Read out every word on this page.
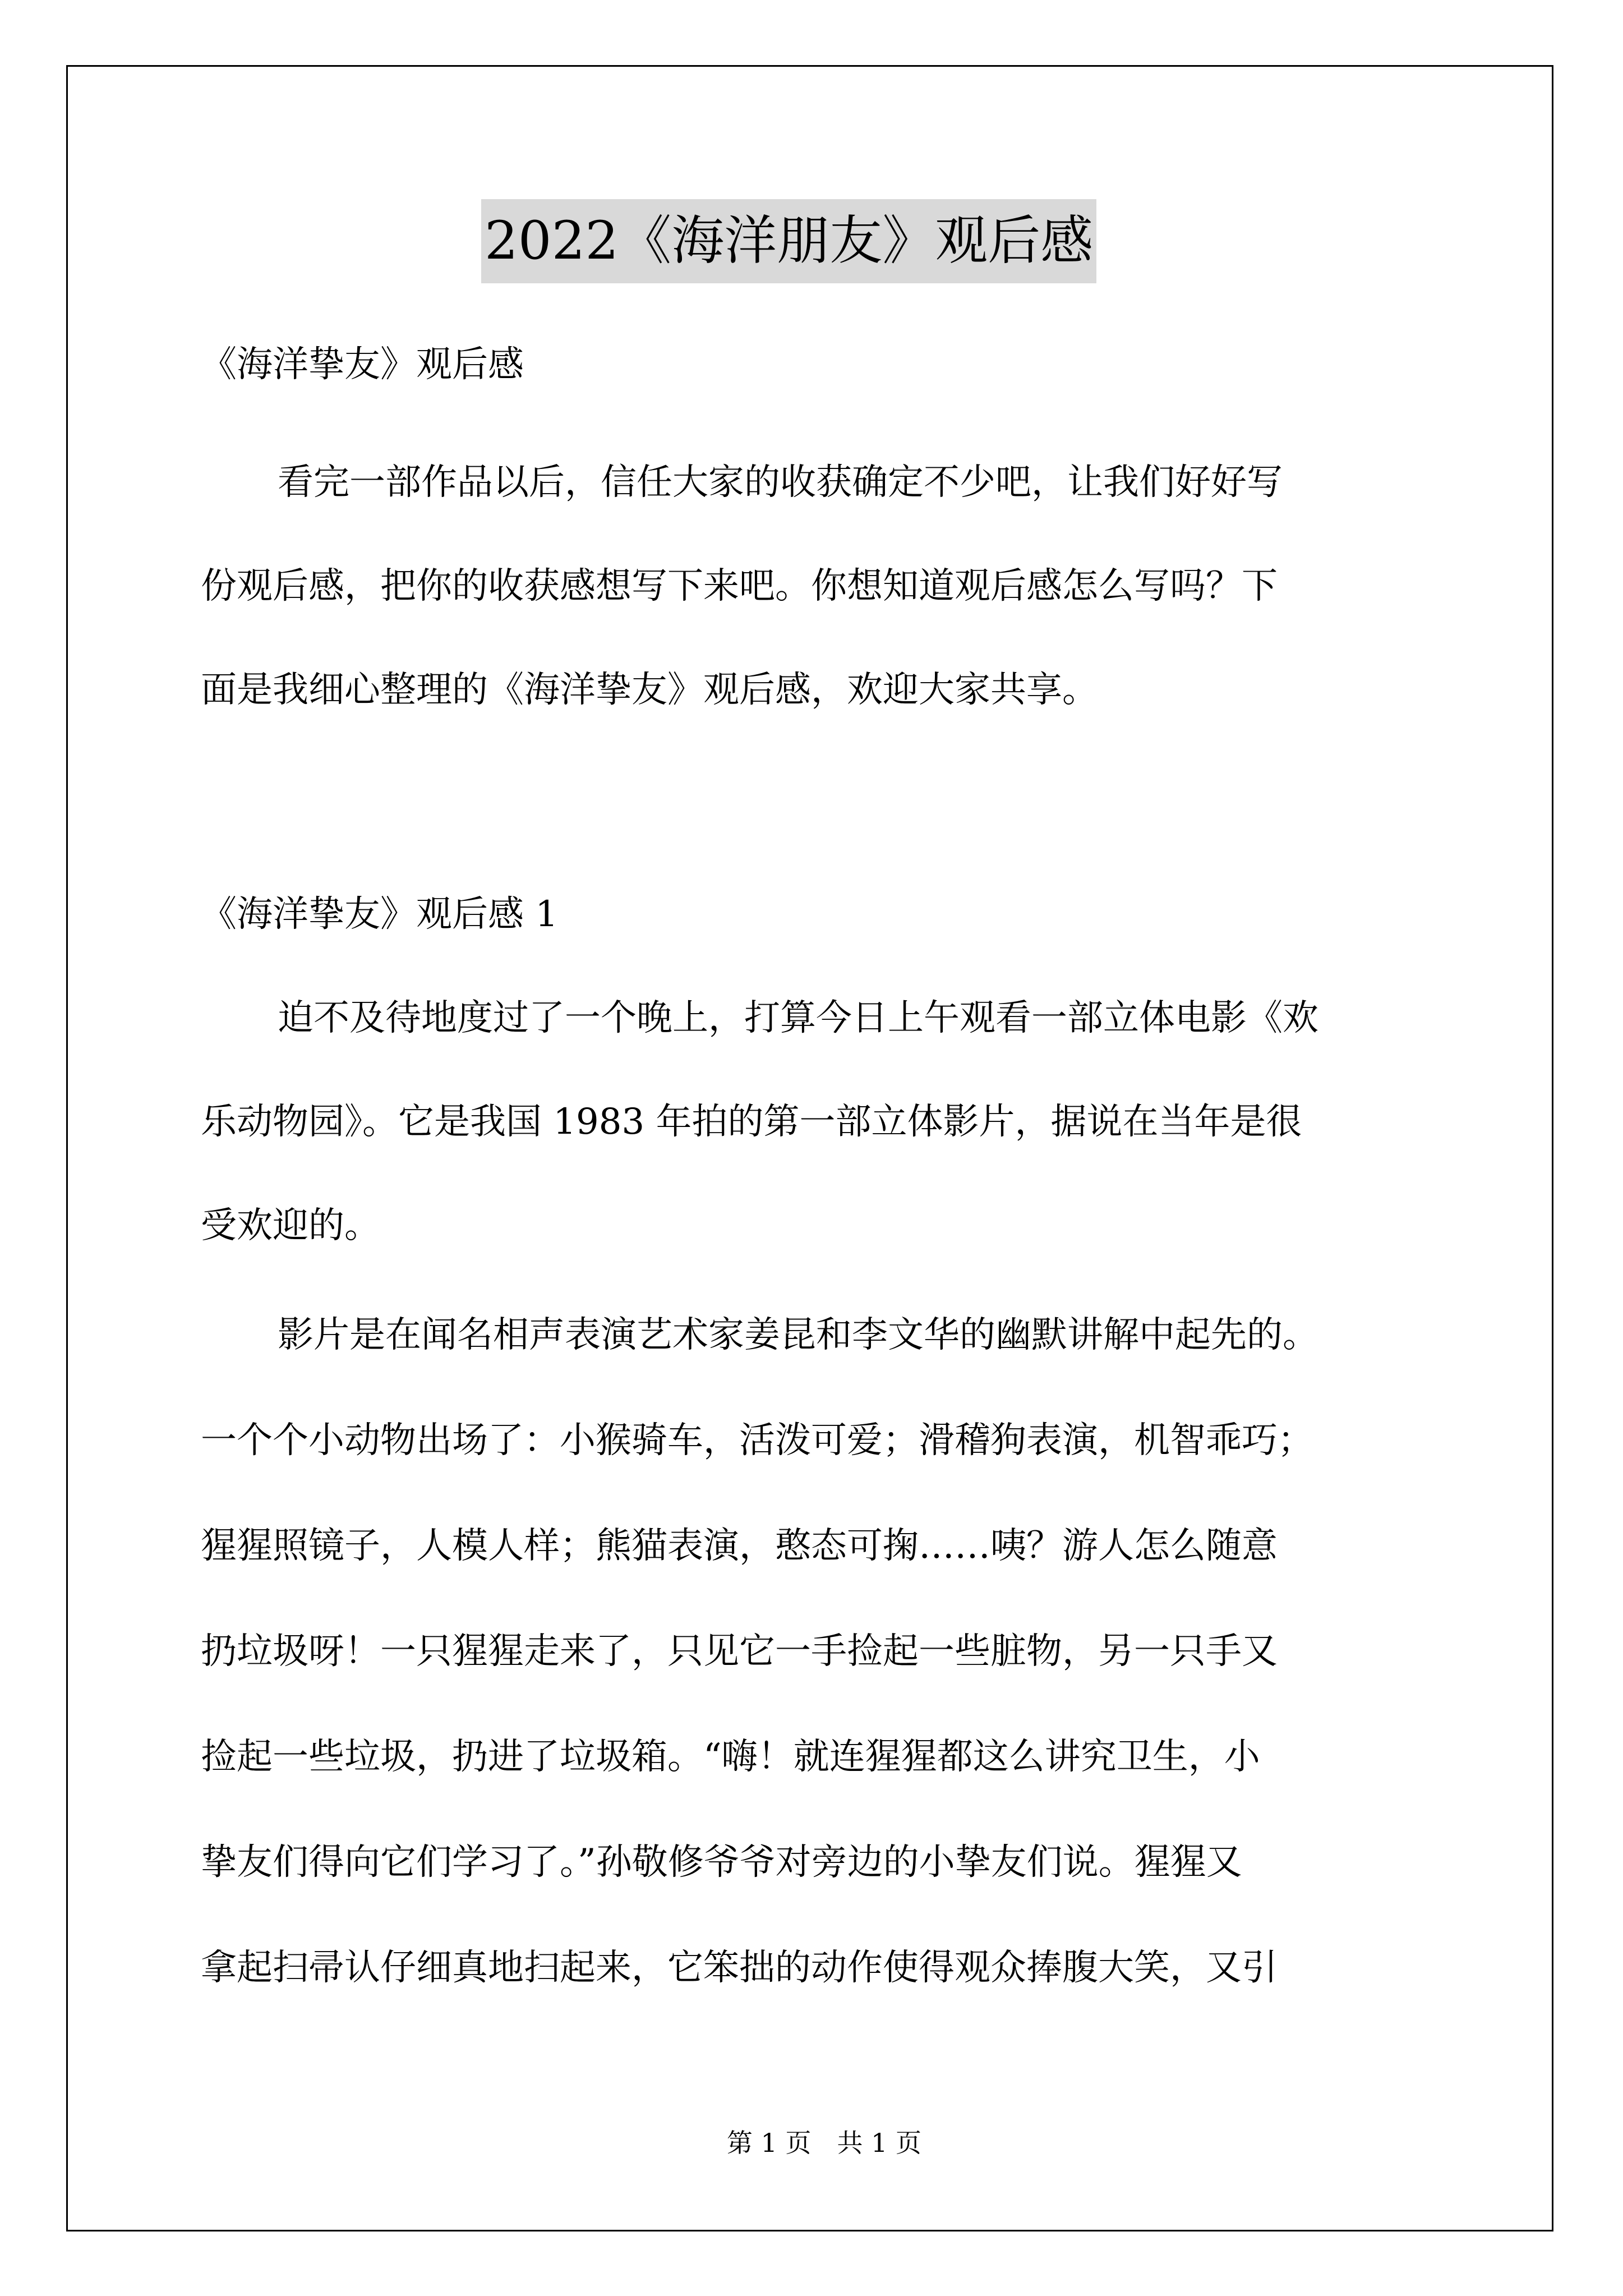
2022《海洋朋友》观后感
《海洋挚友》观后感
看完一部作品以后，信任大家的收获确定不少吧，让我们好好写
份观后感，把你的收获感想写下来吧。你想知道观后感怎么写吗？下
面是我细心整理的《海洋挚友》观后感，欢迎大家共享。
《海洋挚友》观后感 1
迫不及待地度过了一个晚上，打算今日上午观看一部立体电影《欢
乐动物园》。它是我国 1983 年拍的第一部立体影片，据说在当年是很
受欢迎的。
影片是在闻名相声表演艺术家姜昆和李文华的幽默讲解中起先的。
一个个小动物出场了：小猴骑车，活泼可爱；滑稽狗表演，机智乖巧；
猩猩照镜子，人模人样；熊猫表演，憨态可掬……咦？游人怎么随意
扔垃圾呀！一只猩猩走来了，只见它一手捡起一些脏物，另一只手又
捡起一些垃圾，扔进了垃圾箱。“嗨！就连猩猩都这么讲究卫生，小
挚友们得向它们学习了。”孙敬修爷爷对旁边的小挚友们说。猩猩又
拿起扫帚认仔细真地扫起来，它笨拙的动作使得观众捧腹大笑，又引
第 1 页　共 1 页
